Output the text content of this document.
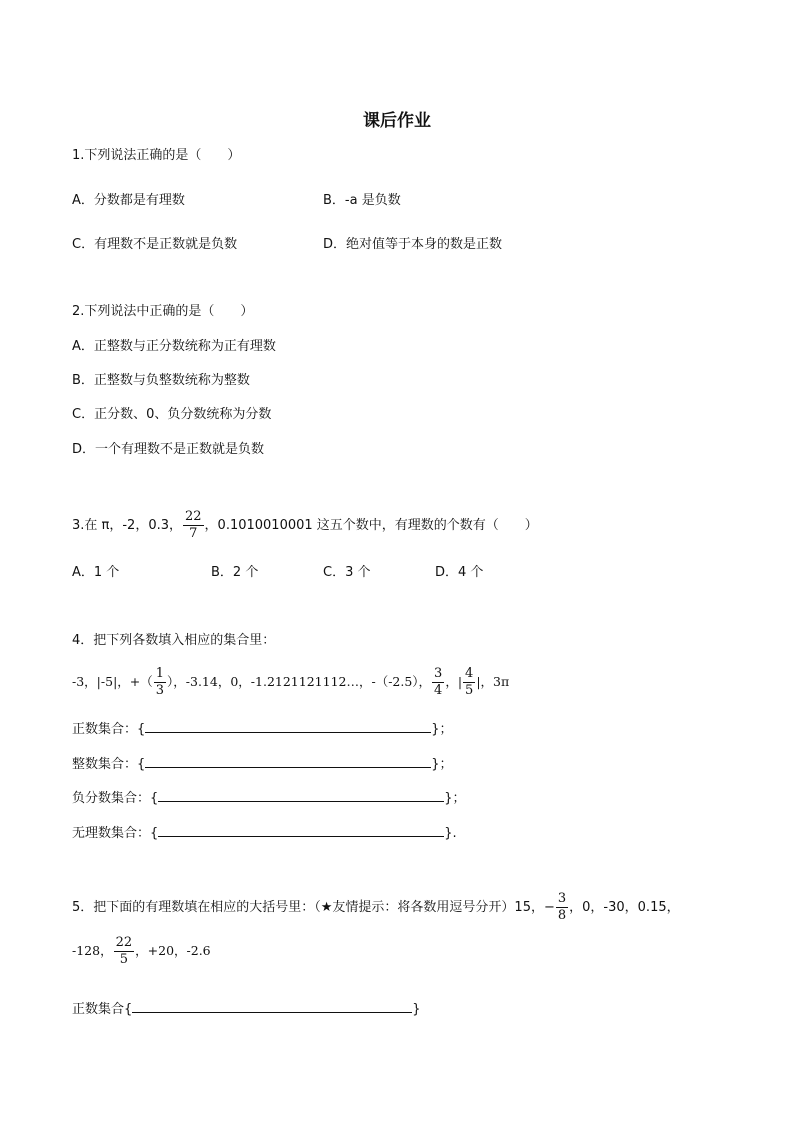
课后作业
1.下列说法正确的是（　　）
A．分数都是有理数	B．-a 是负数
C．有理数不是正数就是负数	D．绝对值等于本身的数是正数
2.下列说法中正确的是（　　）
A．正整数与正分数统称为正有理数
B．正整数与负整数统称为整数
C．正分数、0、负分数统称为分数
D．一个有理数不是正数就是负数
3.在 π，-2，0.3， $\frac{22}{7}$ ，0.1010010001 这五个数中，有理数的个数有（　　）
A．1 个	B．2 个	C．3 个	D．4 个
4．把下列各数填入相应的集合里：
-3，|-5|，+（ $\frac{1}{3}$ ），-3.14，0，-1.2121121112…，-（-2.5）， $\frac{3}{4}$ ，| $\frac{4}{5}$ |，3π
正数集合：{	}；
整数集合：{	}；
负分数集合：{	}；
无理数集合：{	}.
5．把下面的有理数填在相应的大括号里：（★友情提示：将各数用逗号分开）15，− $\frac{3}{8}$ ，0，-30，0.15，
-128， $\frac{22}{5}$ ，+20，-2.6
正数集合{	}
